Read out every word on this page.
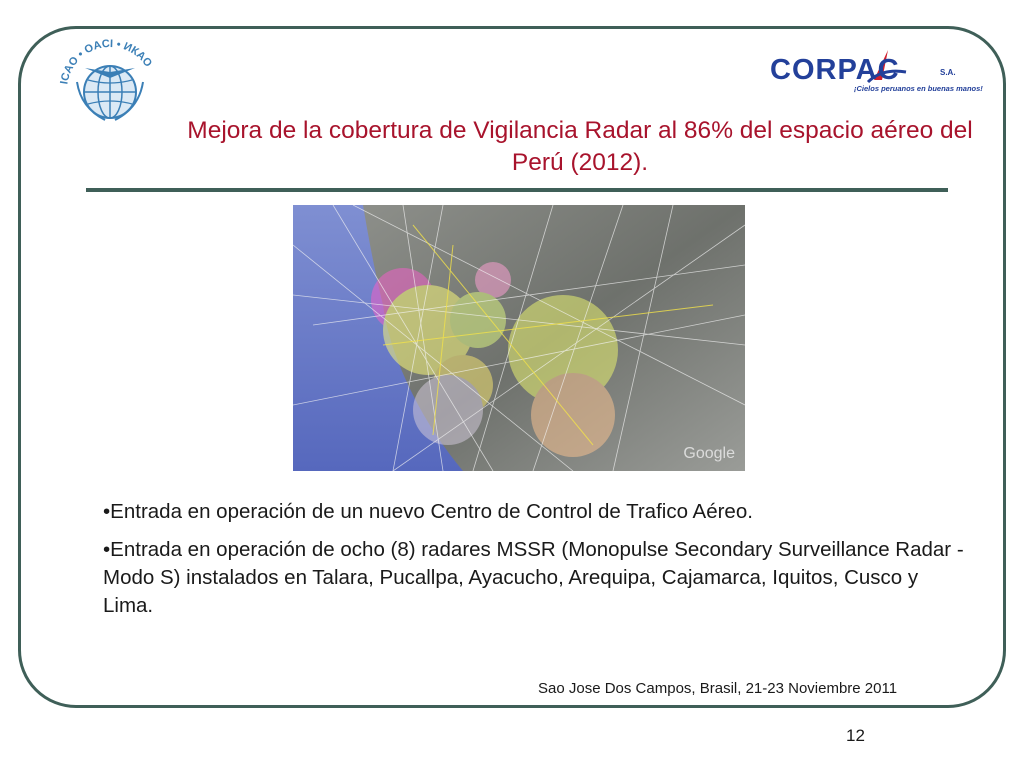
ICAO • OACI • ИКАО	CORPAC	S.A.
¡Cielos peruanos en buenas manos!
Mejora de la cobertura de Vigilancia Radar al 86% del espacio aéreo del Perú (2012).
Google

•Entrada en operación de un nuevo Centro de Control de Trafico Aéreo.

•Entrada en operación de ocho (8) radares MSSR (Monopulse Secondary Surveillance Radar - Modo S) instalados en Talara, Pucallpa, Ayacucho, Arequipa, Cajamarca, Iquitos, Cusco y Lima.

Sao Jose Dos Campos, Brasil, 21-23 Noviembre 2011
12
